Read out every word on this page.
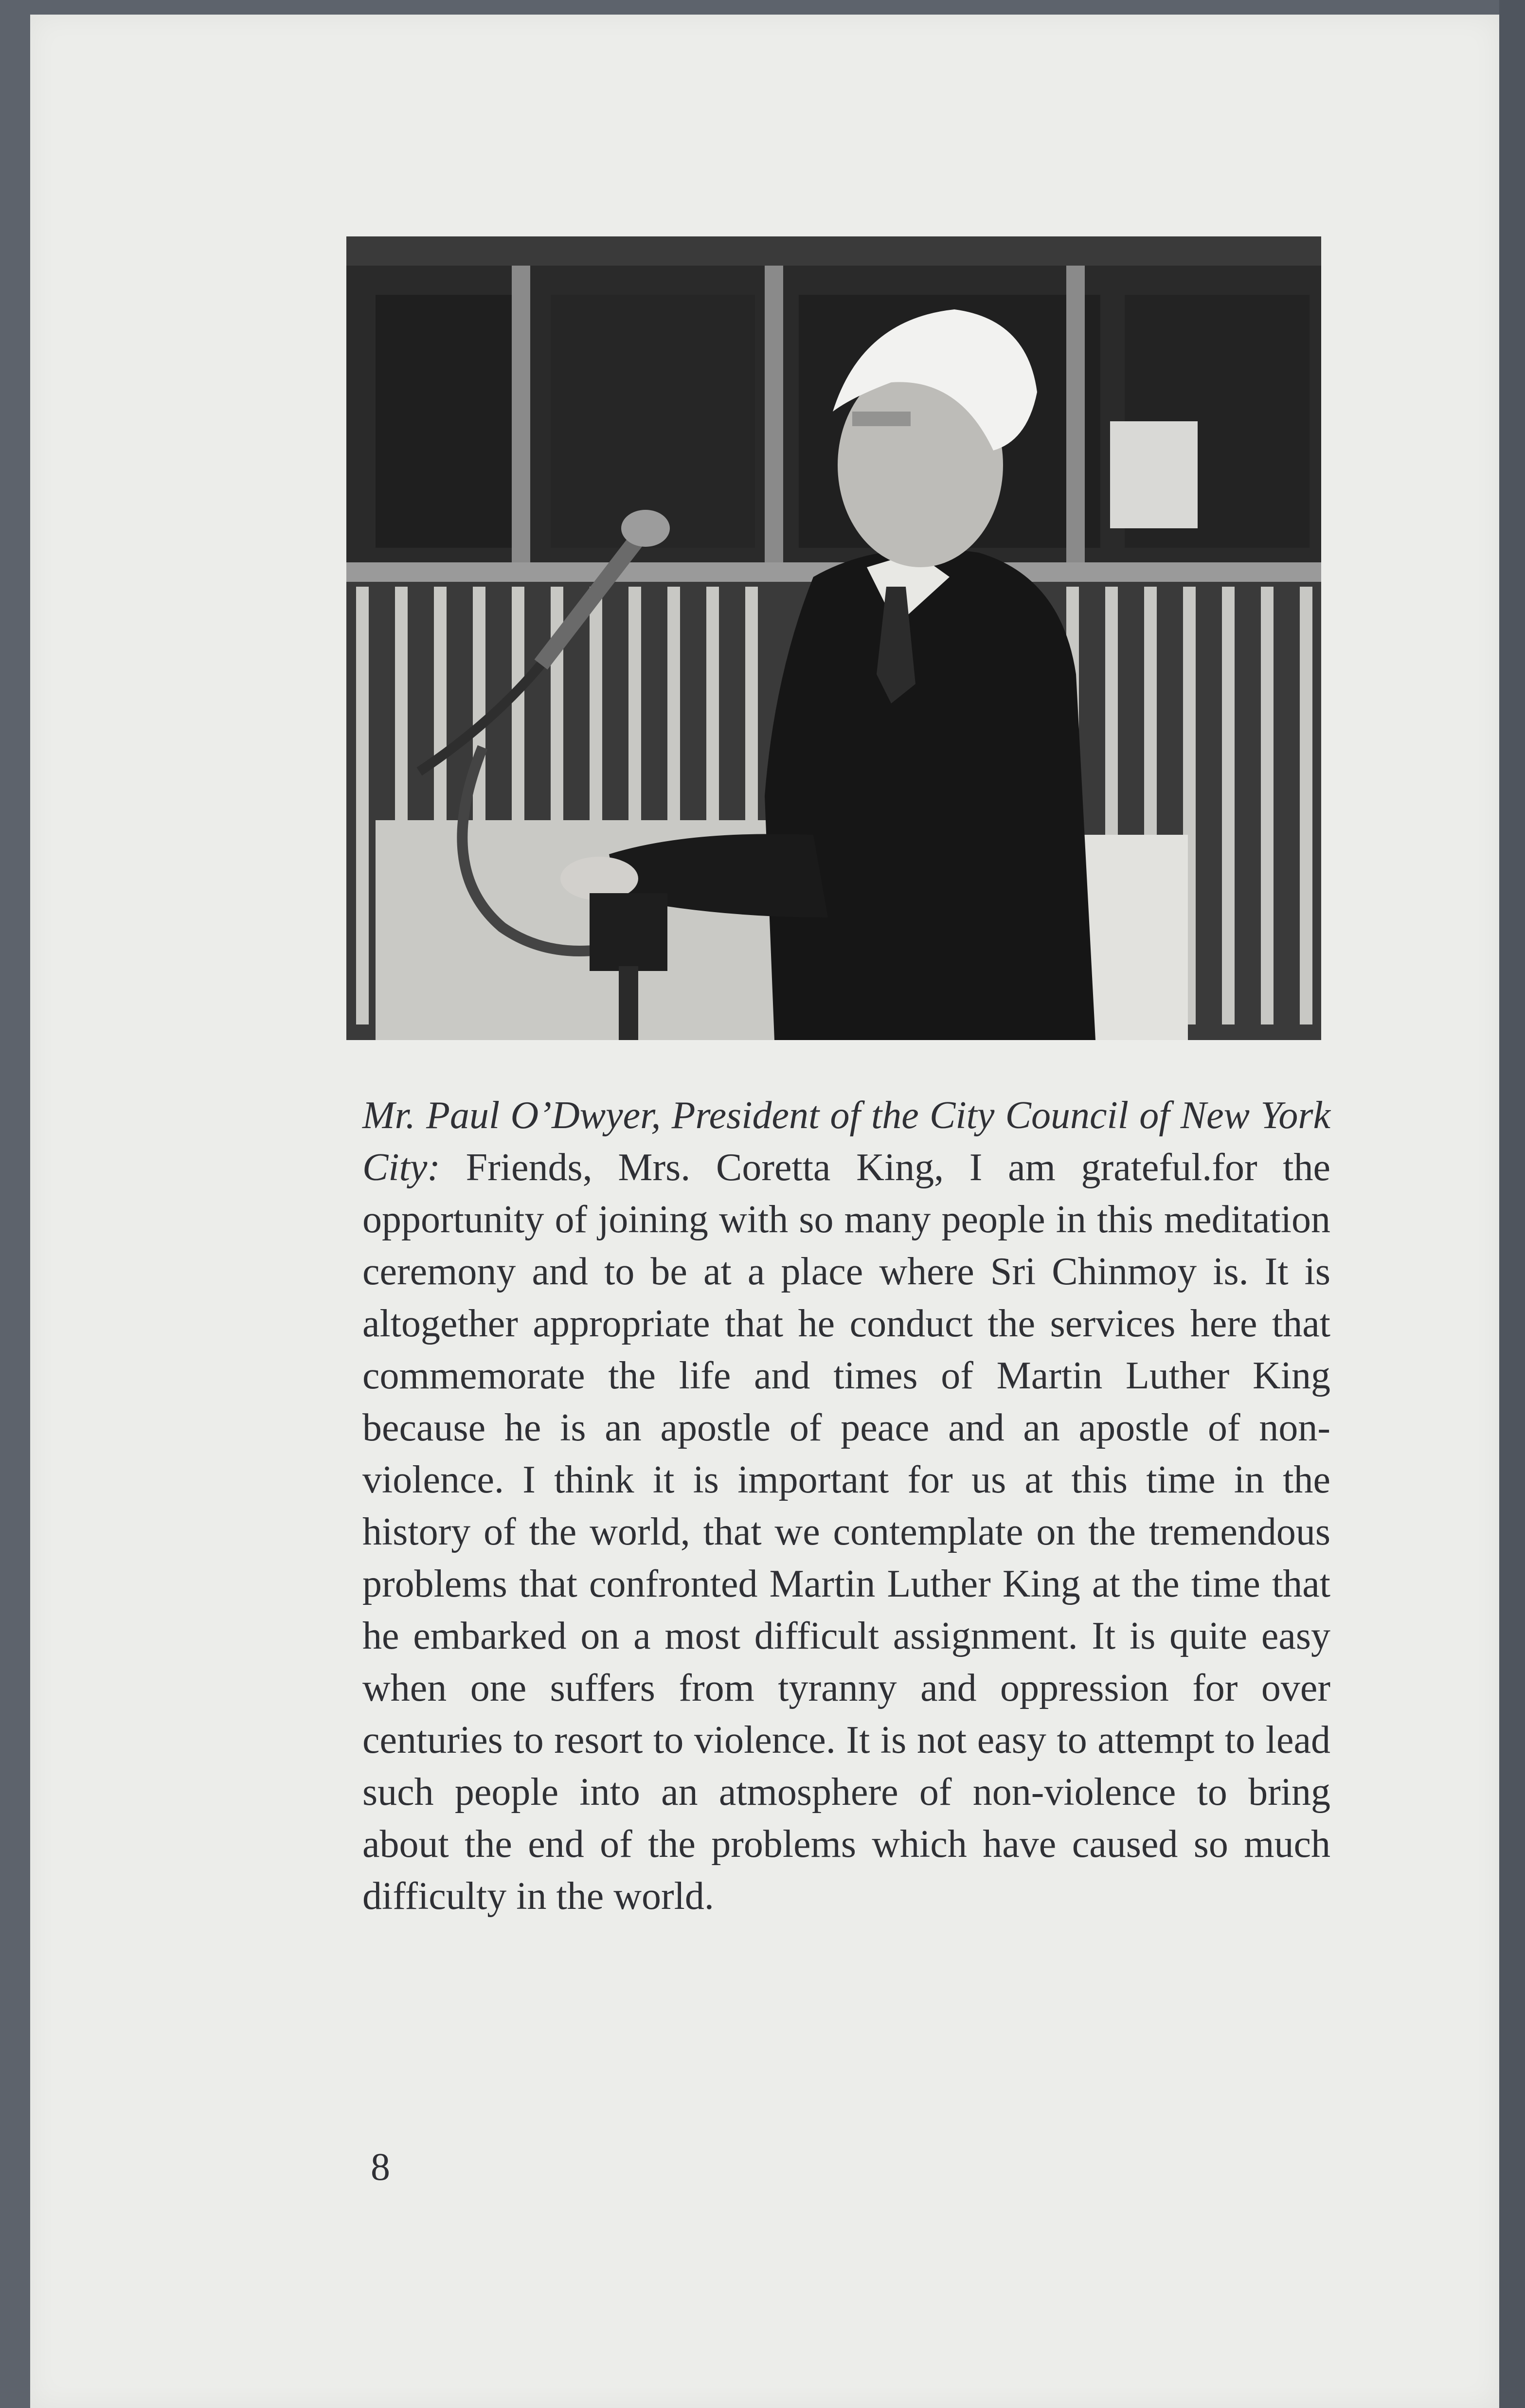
Mr. Paul O’Dwyer, President of the City Council of New York City: Friends, Mrs. Coretta King, I am grateful.for the opportunity of joining with so many people in this meditation ceremony and to be at a place where Sri Chinmoy is. It is altogether appropriate that he conduct the services here that commemorate the life and times of Martin Luther King because he is an apostle of peace and an apostle of non-violence. I think it is important for us at this time in the history of the world, that we contemplate on the tremendous problems that confronted Martin Luther King at the time that he embarked on a most difficult assignment. It is quite easy when one suffers from tyranny and oppression for over centuries to resort to violence. It is not easy to attempt to lead such people into an atmosphere of non-violence to bring about the end of the problems which have caused so much difficulty in the world.
8
